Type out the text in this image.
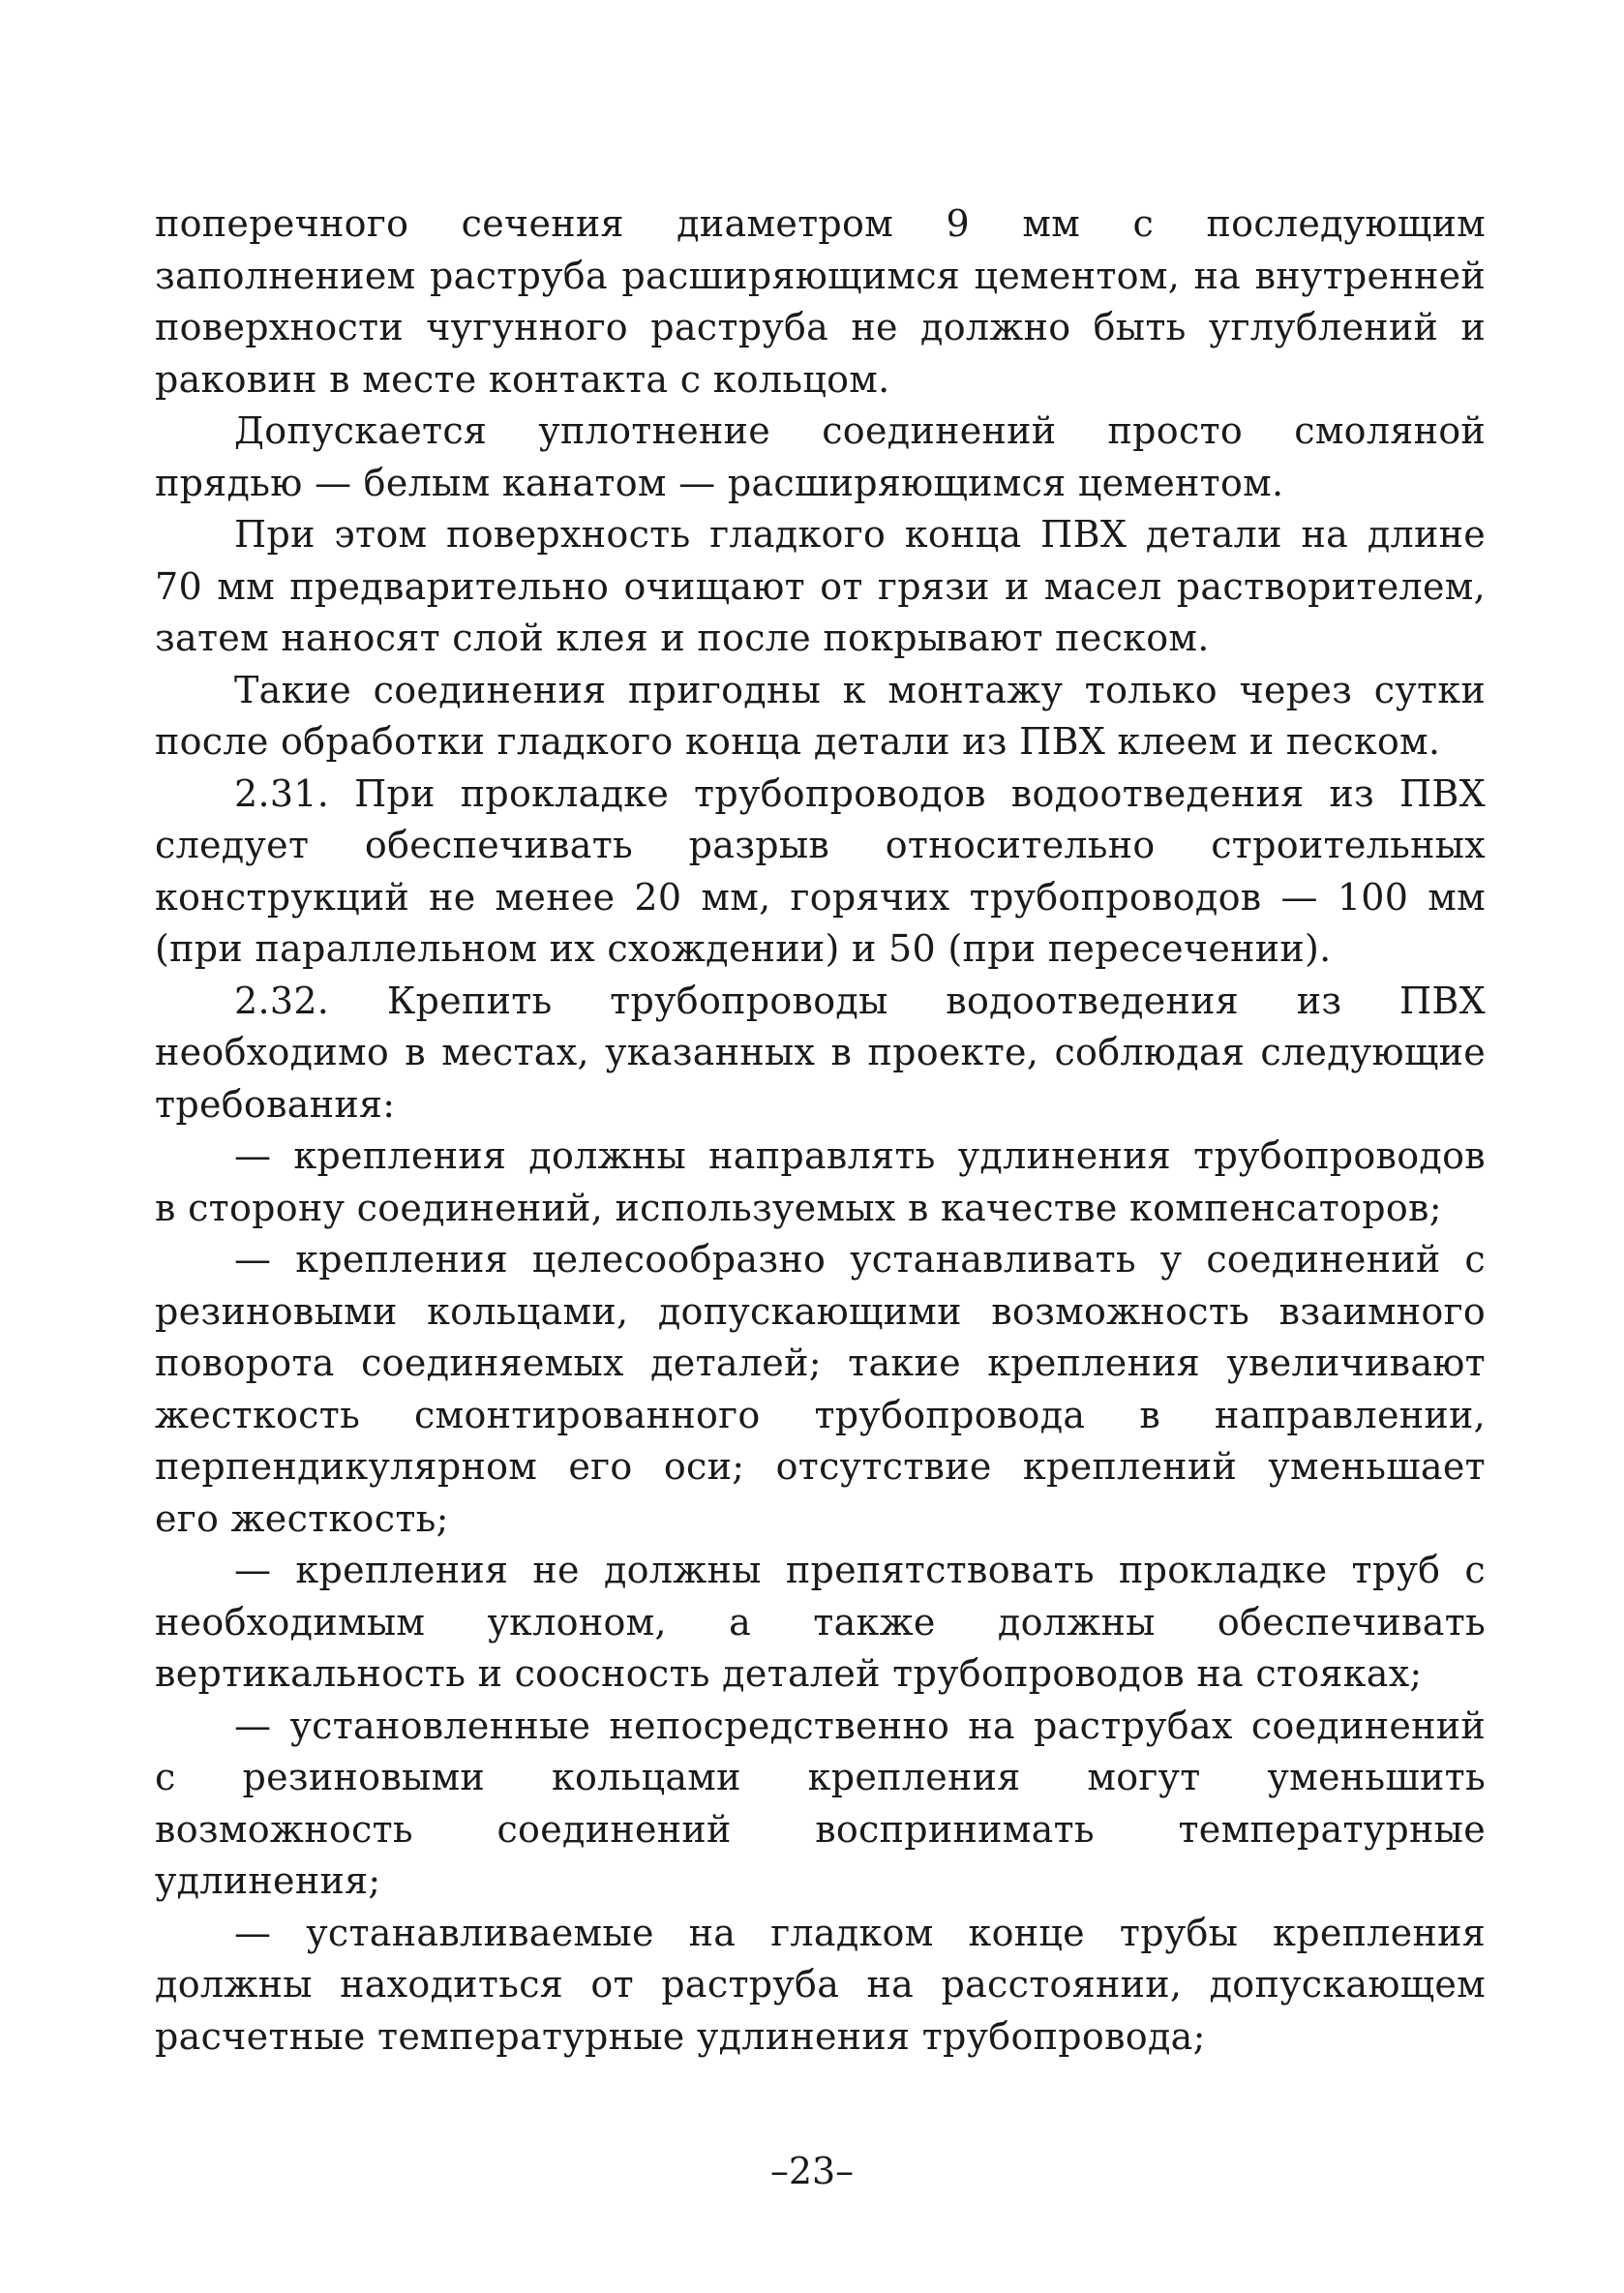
поперечного сечения диаметром 9 мм с последующим
заполнением раструба расширяющимся цементом, на внутренней
поверхности чугунного раструба не должно быть углублений и
раковин в месте контакта с кольцом.
Допускается уплотнение соединений просто смоляной
прядью — белым канатом — расширяющимся цементом.
При этом поверхность гладкого конца ПВХ детали на длине
70 мм предварительно очищают от грязи и масел растворителем,
затем наносят слой клея и после покрывают песком.
Такие соединения пригодны к монтажу только через сутки
после обработки гладкого конца детали из ПВХ клеем и песком.
2.31. При прокладке трубопроводов водоотведения из ПВХ
следует обеспечивать разрыв относительно строительных
конструкций не менее 20 мм, горячих трубопроводов — 100 мм
(при параллельном их схождении) и 50 (при пересечении).
2.32. Крепить трубопроводы водоотведения из ПВХ
необходимо в местах, указанных в проекте, соблюдая следующие
требования:
— крепления должны направлять удлинения трубопроводов
в сторону соединений, используемых в качестве компенсаторов;
— крепления целесообразно устанавливать у соединений с
резиновыми кольцами, допускающими возможность взаимного
поворота соединяемых деталей; такие крепления увеличивают
жесткость смонтированного трубопровода в направлении,
перпендикулярном его оси; отсутствие креплений уменьшает
его жесткость;
— крепления не должны препятствовать прокладке труб с
необходимым уклоном, а также должны обеспечивать
вертикальность и соосность деталей трубопроводов на стояках;
— установленные непосредственно на раструбах соединений
с резиновыми кольцами крепления могут уменьшить
возможность соединений воспринимать температурные
удлинения;
— устанавливаемые на гладком конце трубы крепления
должны находиться от раструба на расстоянии, допускающем
расчетные температурные удлинения трубопровода;
–23–
